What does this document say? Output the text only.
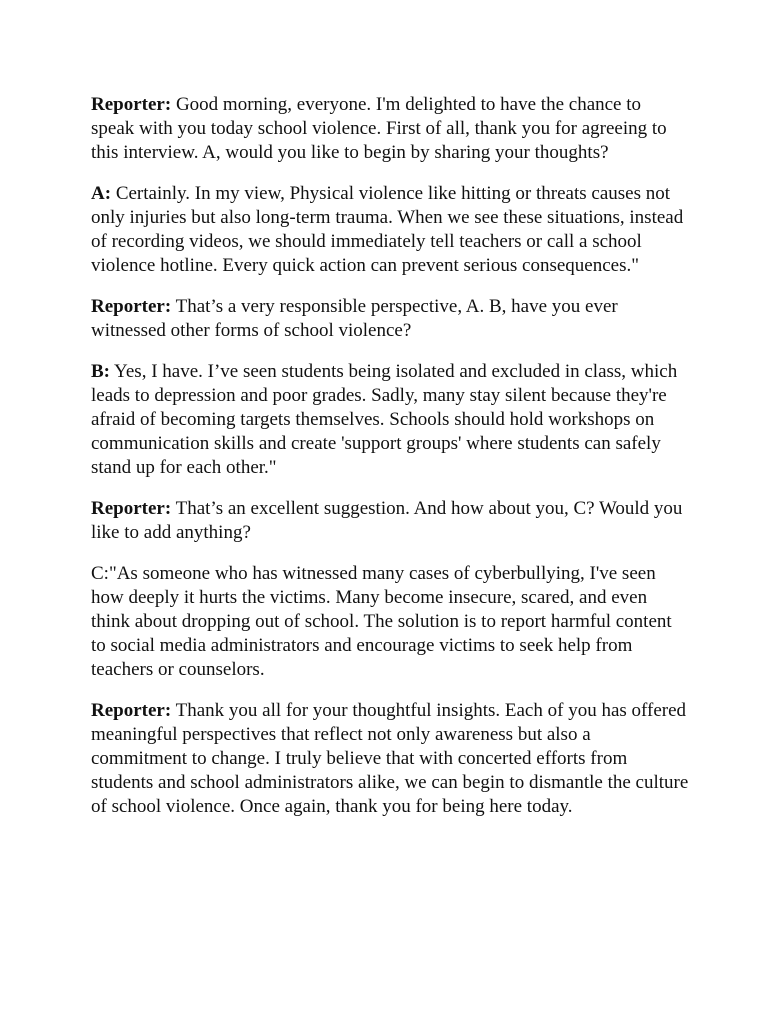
Reporter: Good morning, everyone. I'm delighted to have the chance to speak with you today school violence. First of all, thank you for agreeing to this interview. A, would you like to begin by sharing your thoughts?

A: Certainly. In my view, Physical violence like hitting or threats causes not only injuries but also long-term trauma. When we see these situations, instead of recording videos, we should immediately tell teachers or call a school violence hotline. Every quick action can prevent serious consequences."

Reporter: That’s a very responsible perspective, A. B, have you ever witnessed other forms of school violence?

B: Yes, I have. I’ve seen students being isolated and excluded in class, which leads to depression and poor grades. Sadly, many stay silent because they're afraid of becoming targets themselves. Schools should hold workshops on communication skills and create 'support groups' where students can safely stand up for each other."

Reporter: That’s an excellent suggestion. And how about you, C? Would you like to add anything?

C:"As someone who has witnessed many cases of cyberbullying, I've seen how deeply it hurts the victims. Many become insecure, scared, and even think about dropping out of school. The solution is to report harmful content to social media administrators and encourage victims to seek help from teachers or counselors.

Reporter: Thank you all for your thoughtful insights. Each of you has offered meaningful perspectives that reflect not only awareness but also a commitment to change. I truly believe that with concerted efforts from students and school administrators alike, we can begin to dismantle the culture of school violence. Once again, thank you for being here today.
